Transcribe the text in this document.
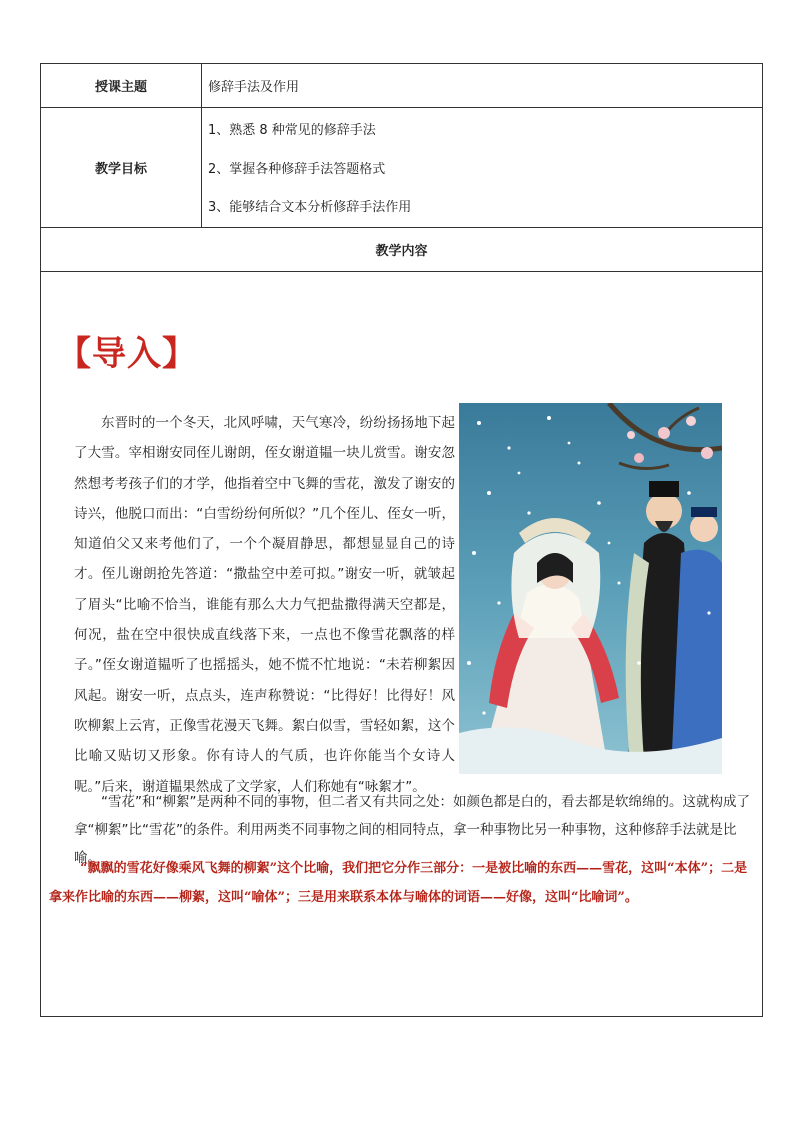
授课主题	修辞手法及作用
教学目标
1、熟悉 8 种常见的修辞手法
2、掌握各种修辞手法答题格式
3、能够结合文本分析修辞手法作用
教学内容
【导入】

东晋时的一个冬天，北风呼啸，天气寒冷，纷纷扬扬地下起了大雪。宰相谢安同侄儿谢朗，侄女谢道韫一块儿赏雪。谢安忽然想考考孩子们的才学，他指着空中飞舞的雪花，激发了谢安的诗兴，他脱口而出：“白雪纷纷何所似？”几个侄儿、侄女一听，知道伯父又来考他们了，一个个凝眉静思，都想显显自己的诗才。侄儿谢朗抢先答道：“撒盐空中差可拟。”谢安一听，就皱起了眉头“比喻不恰当，谁能有那么大力气把盐撒得满天空都是，何况，盐在空中很快成直线落下来，一点也不像雪花飘落的样子。”侄女谢道韫听了也摇摇头，她不慌不忙地说：“未若柳絮因风起。谢安一听，点点头，连声称赞说：“比得好！比得好！风吹柳絮上云宵，正像雪花漫天飞舞。絮白似雪，雪轻如絮，这个比喻又贴切又形象。你有诗人的气质，也许你能当个女诗人呢。”后来，谢道韫果然成了文学家，人们称她有“咏絮才”。

“雪花”和“柳絮”是两种不同的事物，但二者又有共同之处：如颜色都是白的，看去都是软绵绵的。这就构成了拿“柳絮”比“雪花”的条件。利用两类不同事物之间的相同特点，拿一种事物比另一种事物，这种修辞手法就是比喻。

“飘飘的雪花好像乘风飞舞的柳絮”这个比喻，我们把它分作三部分：一是被比喻的东西——雪花，这叫“本体”；二是拿来作比喻的东西——柳絮，这叫“喻体”；三是用来联系本体与喻体的词语——好像，这叫“比喻词”。
